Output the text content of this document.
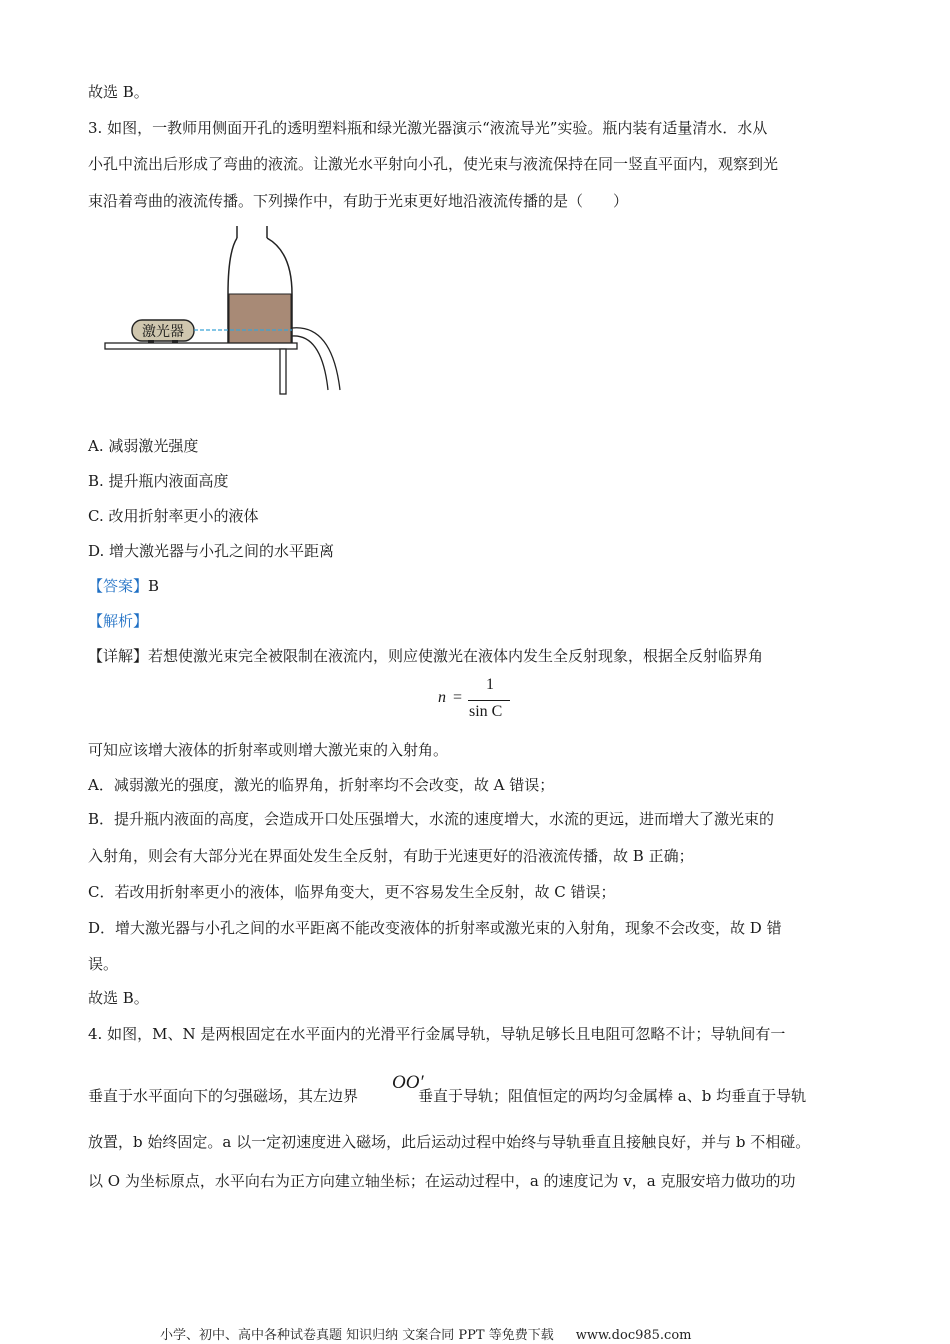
故选 B。
3. 如图，一教师用侧面开孔的透明塑料瓶和绿光激光器演示“液流导光”实验。瓶内装有适量清水．水从
小孔中流出后形成了弯曲的液流。让激光水平射向小孔，使光束与液流保持在同一竖直平面内，观察到光
束沿着弯曲的液流传播。下列操作中，有助于光束更好地沿液流传播的是（　　）
激光器
A. 减弱激光强度
B. 提升瓶内液面高度
C. 改用折射率更小的液体
D. 增大激光器与小孔之间的水平距离
【答案】B
【解析】
【详解】若想使激光束完全被限制在液流内，则应使激光在液体内发生全反射现象，根据全反射临界角
n =
1
sin C
可知应该增大液体的折射率或则增大激光束的入射角。
A．减弱激光的强度，激光的临界角，折射率均不会改变，故 A 错误；
B．提升瓶内液面的高度，会造成开口处压强增大，水流的速度增大，水流的更远，进而增大了激光束的
入射角，则会有大部分光在界面处发生全反射，有助于光速更好的沿液流传播，故 B 正确；
C．若改用折射率更小的液体，临界角变大，更不容易发生全反射，故 C 错误；
D．增大激光器与小孔之间的水平距离不能改变液体的折射率或激光束的入射角，现象不会改变，故 D 错
误。
故选 B。
4. 如图，M、N 是两根固定在水平面内的光滑平行金属导轨，导轨足够长且电阻可忽略不计；导轨间有一
OO′
垂直于水平面向下的匀强磁场，其左边界　　　　垂直于导轨；阻值恒定的两均匀金属棒 a、b 均垂直于导轨
放置，b 始终固定。a 以一定初速度进入磁场，此后运动过程中始终与导轨垂直且接触良好，并与 b 不相碰。
以 O 为坐标原点，水平向右为正方向建立轴坐标；在运动过程中，a 的速度记为 v，a 克服安培力做功的功
小学、初中、高中各种试卷真题 知识归纳 文案合同 PPT 等免费下载 www.doc985.com
